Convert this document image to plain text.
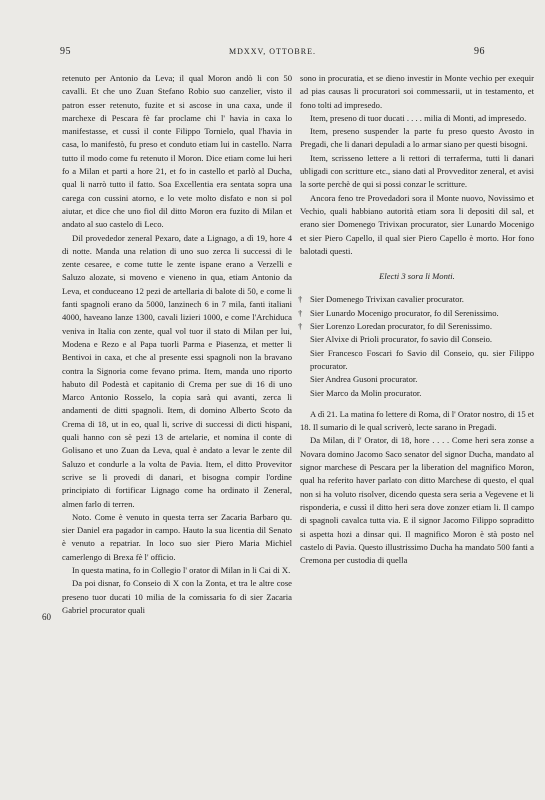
95	MDXXV, OTTOBRE.	96
60

retenuto per Antonio da Leva; il qual Moron andò li con 50 cavalli. Et che uno Zuan Stefano Robio suo canzelier, visto il patron esser retenuto, fuzite et si ascose in una caxa, unde il marchexe di Pescara fè far proclame chi l' havia in caxa lo manifestasse, et cussì il conte Filippo Tornielo, qual l'havia in casa, lo manifestò, fu preso et conduto etiam lui in castello. Narra tutto il modo come fu retenuto il Moron. Dice etiam come lui heri fo a Milan et parti a hore 21, et fo in castello et parlò al Ducha, qual li narrò tutto il fatto. Soa Excellentia era sentata sopra una carega con cussini atorno, e lo vete molto disfato e non si pol aiutar, et dice che uno fiol dil ditto Moron era fuzito di Milan et andato al suo castelo di Leco.

Dil provededor zeneral Pexaro, date a Lignago, a dì 19, hore 4 di notte. Manda una relation di uno suo zerca li successi di le zente cesaree, e come tutte le zente ispane erano a Verzelli e Saluzo alozate, si moveno e vieneno in qua, etiam Antonio da Leva, et conduceano 12 pezi de artellaria di balote di 50, e come li fanti spagnoli erano da 5000, lanzinech 6 in 7 mila, fanti italiani 4000, haveano lanze 1300, cavali lizieri 1000, e come l'Archiduca veniva in Italia con zente, qual vol tuor il stato di Milan per lui, Modena e Rezo e al Papa tuorli Parma e Piasenza, et metter li Bentivoi in caxa, et che al presente essi spagnoli non la bravano contra la Signoria come fevano prima. Item, manda uno riporto habuto dil Podestà et capitanio di Crema per sue di 16 di uno Marco Antonio Rosselo, la copia sarà qui avanti, zerca li andamenti de ditti spagnoli. Item, di domino Alberto Scoto da Crema di 18, ut in eo, qual li, scrive di successi di dicti hispani, quali hanno con sè pezi 13 de artelarie, et nomina il conte di Golisano et uno Zuan da Leva, qual è andato a levar le zente dil Saluzo et condurle a la volta de Pavia. Item, el ditto Provevitor scrive se li provedi di danari, et bisogna compir l'ordine principiato di fortificar Lignago come ha ordinato il Zeneral, almen farlo di terren.

Noto. Come è venuto in questa terra ser Zacaria Barbaro qu. sier Daniel era pagador in campo. Hauto la sua licentia dil Senato è venuto a repatriar. In loco suo sier Piero Maria Michiel camerlengo di Brexa fè l' officio.

In questa matina, fo in Collegio l' orator di Milan in li Cai di X.

Da poi disnar, fo Conseio di X con la Zonta, et tra le altre cose preseno tuor ducati 10 milia de la comissaria fo di sier Zacaria Gabriel procurator quali

sono in procuratia, et se dieno investir in Monte vechio per exequir ad pias causas li procuratori soi commessarii, ut in testamento, et fono tolti ad impresedo.

Item, preseno di tuor ducati . . . . milia di Monti, ad impresedo.

Item, preseno suspender la parte fu preso questo Avosto in Pregadi, che li danari depuladi a lo armar siano per questi bisogni.

Item, scrisseno lettere a li rettori di terraferma, tutti li danari ubligadi con scritture etc., siano dati al Provveditor zeneral, et avisi la sorte perchè de qui si possi conzar le scritture.

Ancora feno tre Provedadori sora il Monte nuovo, Novissimo et Vechio, quali habbiano autorità etiam sora li depositi dil sal, et erano sier Domenego Trivixan procurator, sier Lunardo Mocenigo et sier Piero Capello, il qual sier Piero Capello è morto. Hor fono balotadi questi.

Electi 3 sora li Monti.

† Sier Domenego Trivixan cavalier procurator.

† Sier Lunardo Mocenigo procurator, fo dil Serenissimo.

† Sier Lorenzo Loredan procurator, fo dil Serenissimo.

Sier Alvixe di Prioli procurator, fo savio dil Conseio.

Sier Francesco Foscari fo Savio dil Conseio, qu. sier Filippo procurator.

Sier Andrea Gusoni procurator.

Sier Marco da Molin procurator.

A dì 21. La matina fo lettere di Roma, di l' Orator nostro, di 15 et 18. Il sumario di le qual scriverò, lecte sarano in Pregadi.

Da Milan, di l' Orator, di 18, hore . . . . Come heri sera zonse a Novara domino Jacomo Saco senator del signor Ducha, mandato al signor marchese di Pescara per la liberation del magnifico Moron, qual ha referito haver parlato con ditto Marchese di questo, el qual non si ha voluto risolver, dicendo questa sera seria a Vegevene et li risponderia, e cussì il ditto heri sera dove zonzer etiam li. Il campo di spagnoli cavalca tutta via. E il signor Jacomo Filippo sopraditto si aspetta hozi a dinsar qui. Il magnifico Moron è stà posto nel castelo di Pavia. Questo illustrissimo Ducha ha mandato 500 fanti a Cremona per custodia di quella
